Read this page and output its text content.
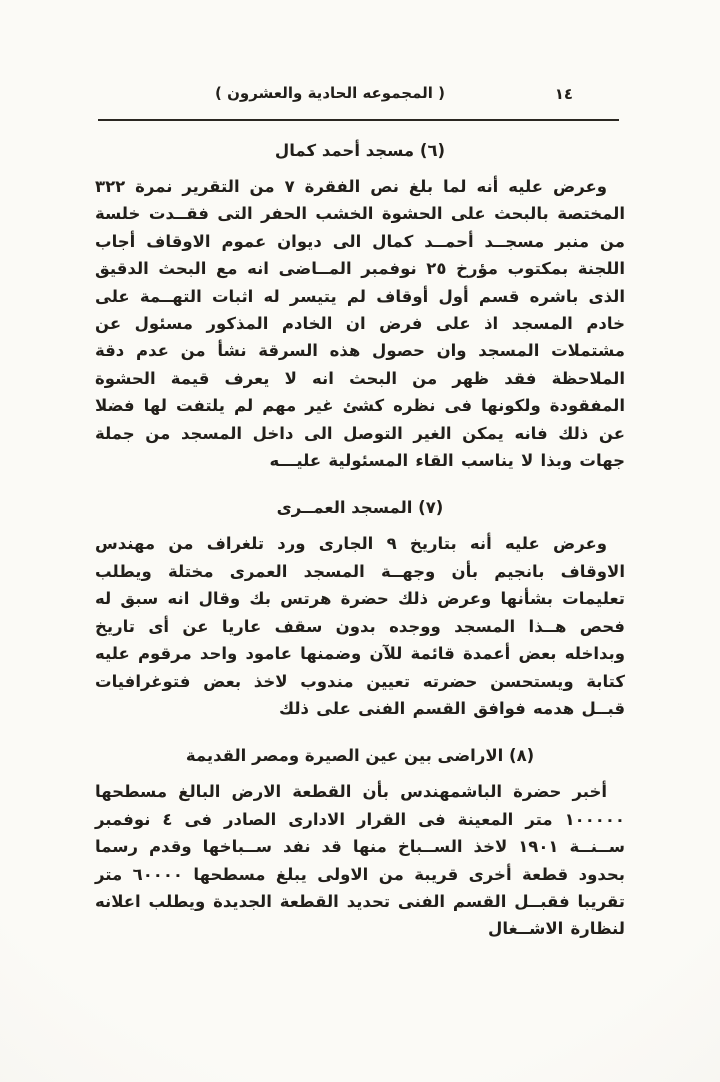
( المجموعه الحادية والعشرون )	١٤
(٦) مسجد أحمد كمال

وعرض عليه أنه لما بلغ نص الفقرة ٧ من التقرير نمرة ٣٢٢ المختصة بالبحث على الحشوة الخشب الحفر التى فقــدت خلسة من منبر مسجــد أحمــد كمال الى ديوان عموم الاوقاف أجاب اللجنة بمكتوب مؤرخ ٢٥ نوفمبر المــاضى انه مع البحث الدقيق الذى باشره قسم أول أوقاف لم يتيسر له اثبات التهــمة على خادم المسجد اذ على فرض ان الخادم المذكور مسئول عن مشتملات المسجد وان حصول هذه السرقة نشأ من عدم دقة الملاحظة فقد ظهر من البحث انه لا يعرف قيمة الحشوة المفقودة ولكونها فى نظره كشئ غير مهم لم يلتفت لها فضلا عن ذلك فانه يمكن الغير التوصل الى داخل المسجد من جملة جهات وبذا لا يناسب القاء المسئولية عليـــه

(٧) المسجد العمــرى

وعرض عليه أنه بتاريخ ٩ الجارى ورد تلغراف من مهندس الاوقاف بانجيم بأن وجهــة المسجد العمرى مختلة ويطلب تعليمات بشأنها وعرض ذلك حضرة هرتس بك وقال انه سبق له فحص هــذا المسجد ووجده بدون سقف عاريا عن أى تاريخ وبداخله بعض أعمدة قائمة للآن وضمنها عامود واحد مرقوم عليه كتابة ويستحسن حضرته تعيين مندوب لاخذ بعض فتوغرافيات قبــل هدمه فوافق القسم الفنى على ذلك

(٨) الاراضى بين عين الصيرة ومصر القديمة

أخبر حضرة الباشمهندس بأن القطعة الارض البالغ مسطحها ١٠٠٠٠٠ متر المعينة فى القرار الادارى الصادر فى ٤ نوفمبر ســنــة ١٩٠١ لاخذ الســباخ منها قد نفد ســباخها وقدم رسما بحدود قطعة أخرى قريبة من الاولى يبلغ مسطحها ٦٠٠٠٠ متر تقريبا فقبــل القسم الفنى تحديد القطعة الجديدة ويطلب اعلانه لنظارة الاشــغال
